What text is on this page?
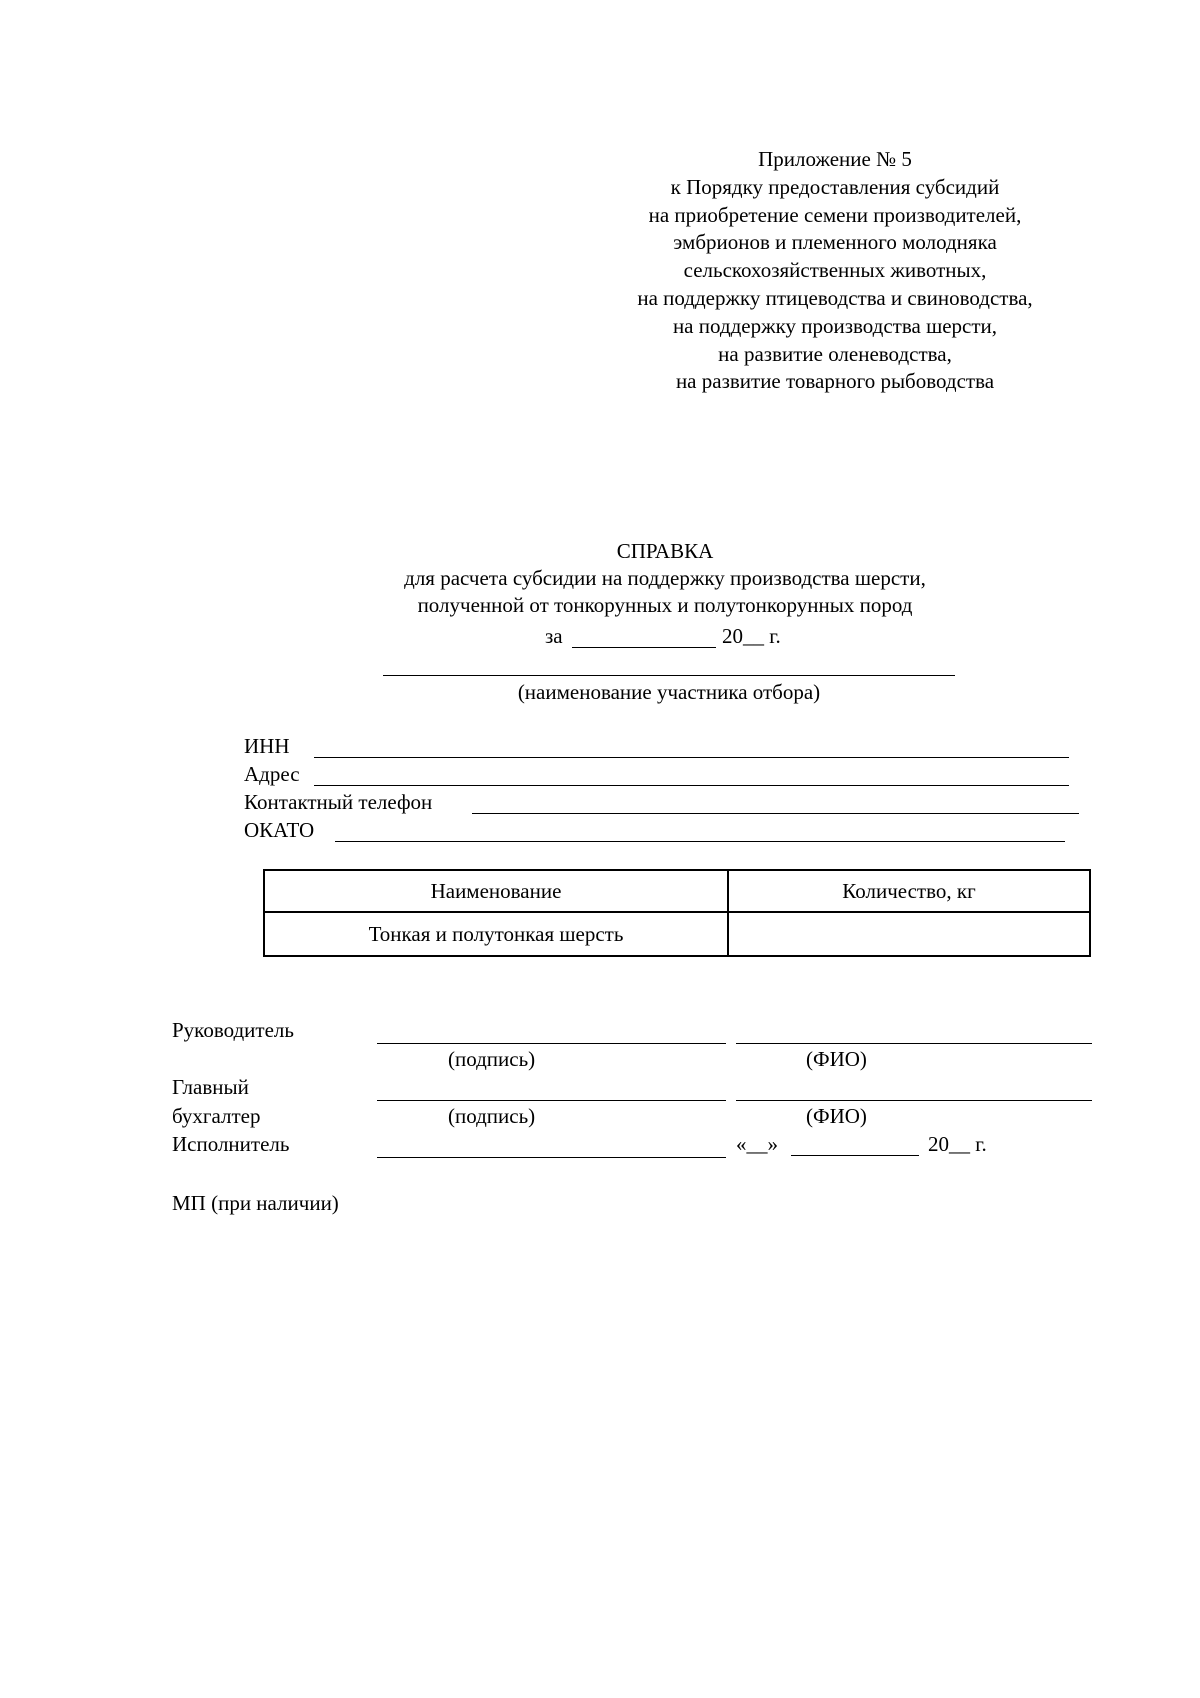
Приложение № 5
к Порядку предоставления субсидий
на приобретение семени производителей,
эмбрионов и племенного молодняка
сельскохозяйственных животных,
на поддержку птицеводства и свиноводства,
на поддержку производства шерсти,
на развитие оленеводства,
на развитие товарного рыбоводства
СПРАВКА
для расчета субсидии на поддержку производства шерсти,
полученной от тонкорунных и полутонкорунных пород
за	20__ г.
(наименование участника отбора)
ИНН
Адрес
Контактный телефон
ОКАТО
Наименование	Количество, кг
Тонкая и полутонкая шерсть	
Руководитель
(подпись)	(ФИО)
Главный
бухгалтер	(подпись)	(ФИО)
Исполнитель	«__»	20__ г.
МП (при наличии)
